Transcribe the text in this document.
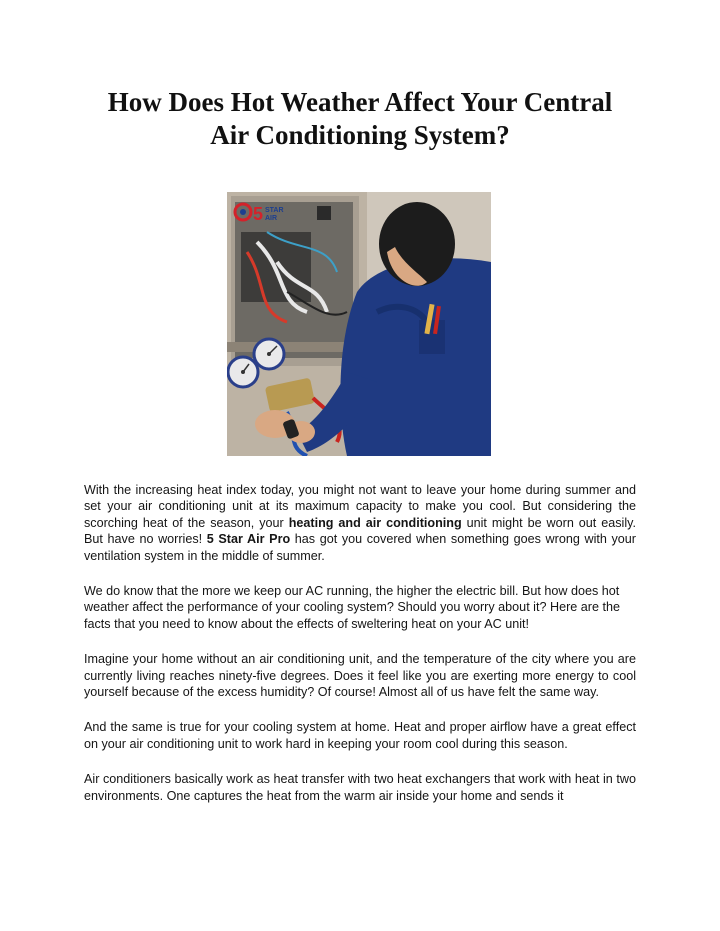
How Does Hot Weather Affect Your Central
Air Conditioning System?
5 STAR
AIR

With the increasing heat index today, you might not want to leave your home during summer and set your air conditioning unit at its maximum capacity to make you cool. But considering the scorching heat of the season, your heating and air conditioning unit might be worn out easily. But have no worries! 5 Star Air Pro has got you covered when something goes wrong with your ventilation system in the middle of summer.

We do know that the more we keep our AC running, the higher the electric bill. But how does hot weather affect the performance of your cooling system? Should you worry about it? Here are the facts that you need to know about the effects of sweltering heat on your AC unit!

Imagine your home without an air conditioning unit, and the temperature of the city where you are currently living reaches ninety-five degrees. Does it feel like you are exerting more energy to cool yourself because of the excess humidity? Of course! Almost all of us have felt the same way.

And the same is true for your cooling system at home. Heat and proper airflow have a great effect on your air conditioning unit to work hard in keeping your room cool during this season.

Air conditioners basically work as heat transfer with two heat exchangers that work with heat in two environments. One captures the heat from the warm air inside your home and sends it
